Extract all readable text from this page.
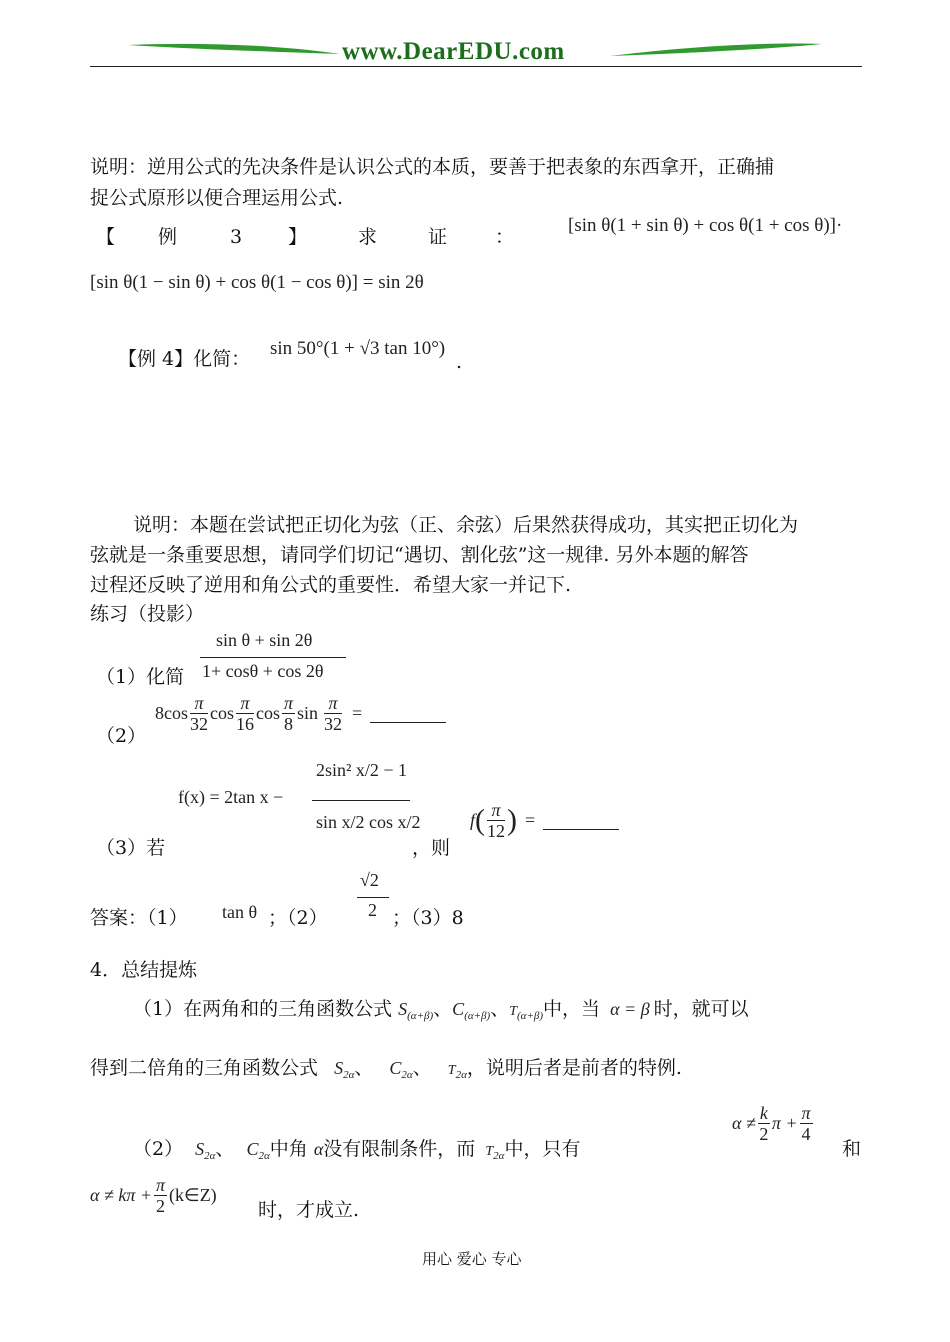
www.DearEDU.com
说明：逆用公式的先决条件是认识公式的本质，要善于把表象的东西拿开，正确捕
捉公式原形以便合理运用公式.
【 例	3 】	求	证	：
[sin θ(1 + sin θ) + cos θ(1 + cos θ)]·
[sin θ(1 − sin θ) + cos θ(1 − cos θ)] = sin 2θ
【例 4】化简： sin 50°(1 + √3 tan 10°)
.
说明：本题在尝试把正切化为弦（正、余弦）后果然获得成功，其实把正切化为
弦就是一条重要思想，请同学们切记“遇切、割化弦”这一规律. 另外本题的解答
过程还反映了逆用和角公式的重要性．希望大家一并记下.
练习（投影）
（1）化简
sin θ + sin 2θ
1+ cosθ + cos 2θ
（2）
$8\cos \frac{\pi}{32}$ $\cos \frac{\pi}{16}$ $\cos \frac{\pi}{8}$ $\sin \frac{\pi}{32}$ =
f(x) = 2tan x −
2sin² x/2 − 1
sin x/2 cos x/2
（3）若	，则
$f( \frac{\pi}{12}$ ) =
答案：（1） tan θ ；（2）
√2
2 ；（3）8
4．总结提炼
（1）在两角和的三角函数公式 $S_{(\alpha+\beta)}$、$C_{(\alpha+\beta)}$、$T_{(\alpha+\beta)}$中，当 α = β 时，就可以
得到二倍角的三角函数公式 $S_{2\alpha}$、 $C_{2\alpha}$、 $T_{2\alpha}$，说明后者是前者的特例.
（2） $S_{2\alpha}$、 $C_{2\alpha}$中角 α没有限制条件，而 $T_{2\alpha}$中，只有
$\alpha \ne \frac{k}{2}$ $\pi + \frac{\pi}{4}$
和
$\alpha \ne k\pi + \frac{\pi}{2}$ (k∈Z)
时，才成立.
用心 爱心 专心
